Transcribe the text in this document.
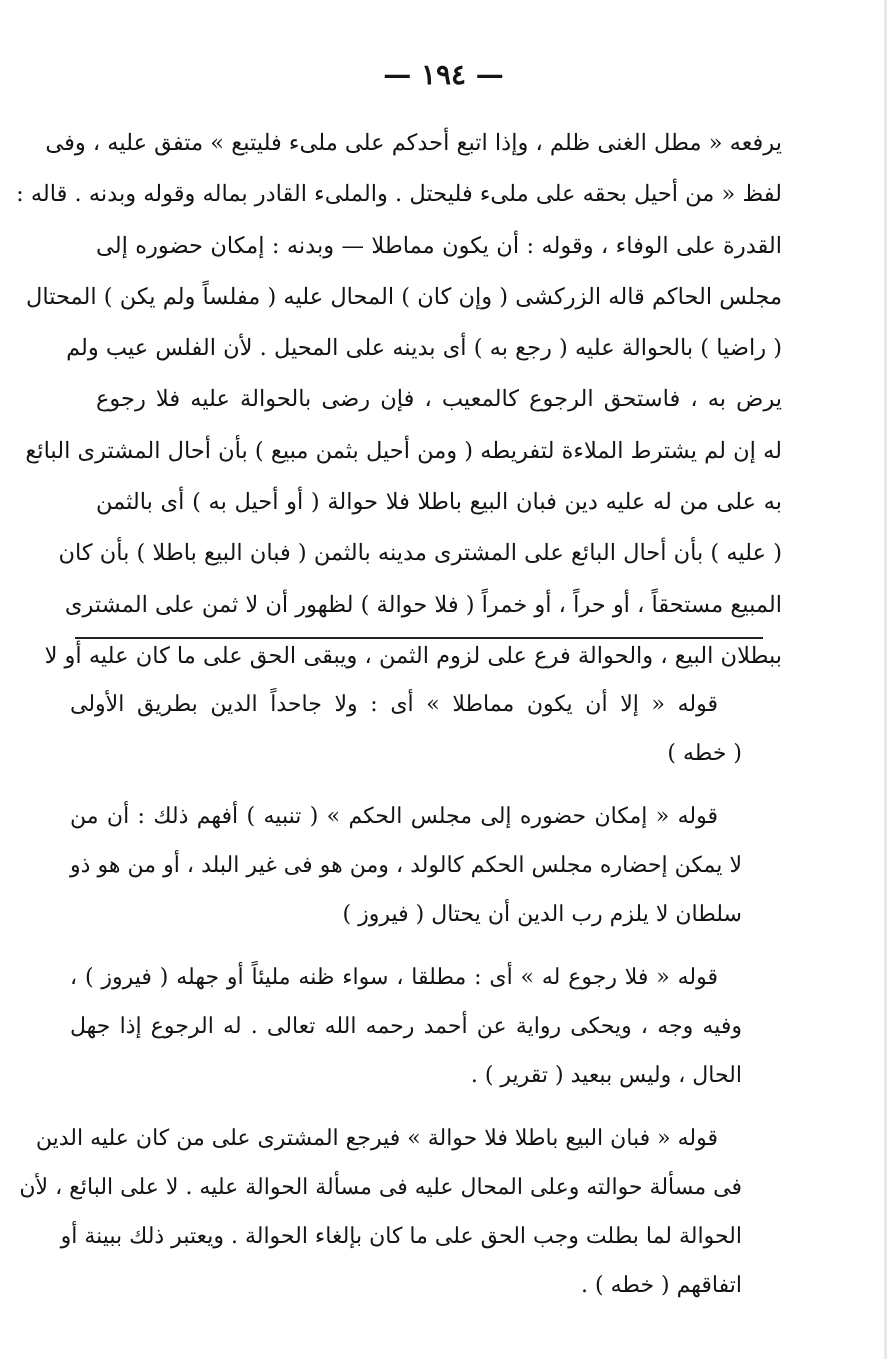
— ١٩٤ —
يرفعه « مطل الغنى ظلم ، وإذا اتبع أحدكم على ملىء فليتبع » متفق عليه ، وفى
لفظ « من أحيل بحقه على ملىء فليحتل . والملىء القادر بماله وقوله وبدنه . قاله :
القدرة على الوفاء ، وقوله : أن يكون مماطلا — وبدنه : إمكان حضوره إلى
مجلس الحاكم قاله الزركشى ( وإن كان ) المحال عليه ( مفلساً ولم يكن ) المحتال
( راضيا ) بالحوالة عليه ( رجع به ) أى بدينه على المحيل . لأن الفلس عيب ولم
يرض به ، فاستحق الرجوع كالمعيب ، فإن رضى بالحوالة عليه فلا رجوع
له إن لم يشترط الملاءة لتفريطه ( ومن أحيل بثمن مبيع ) بأن أحال المشترى البائع
به على من له عليه دين فبان البيع باطلا فلا حوالة ( أو أحيل به ) أى بالثمن
( عليه ) بأن أحال البائع على المشترى مدينه بالثمن ( فبان البيع باطلا ) بأن كان
المبيع مستحقاً ، أو حراً ، أو خمراً ( فلا حوالة ) لظهور أن لا ثمن على المشترى
ببطلان البيع ، والحوالة فرع على لزوم الثمن ، ويبقى الحق على ما كان عليه أو لا
قوله « إلا أن يكون مماطلا » أى : ولا جاحداً الدين بطريق الأولى
( خطه )
قوله « إمكان حضوره إلى مجلس الحكم » ( تنبيه ) أفهم ذلك : أن من
لا يمكن إحضاره مجلس الحكم كالولد ، ومن هو فى غير البلد ، أو من هو ذو
سلطان لا يلزم رب الدين أن يحتال ( فيروز )
قوله « فلا رجوع له » أى : مطلقا ، سواء ظنه مليئاً أو جهله ( فيروز ) ،
وفيه وجه ، ويحكى رواية عن أحمد رحمه الله تعالى . له الرجوع إذا جهل
الحال ، وليس ببعيد ( تقرير ) .
قوله « فبان البيع باطلا فلا حوالة » فيرجع المشترى على من كان عليه الدين
فى مسألة حوالته وعلى المحال عليه فى مسألة الحوالة عليه . لا على البائع ، لأن
الحوالة لما بطلت وجب الحق على ما كان بإلغاء الحوالة . ويعتبر ذلك ببينة أو
اتفاقهم ( خطه ) .
